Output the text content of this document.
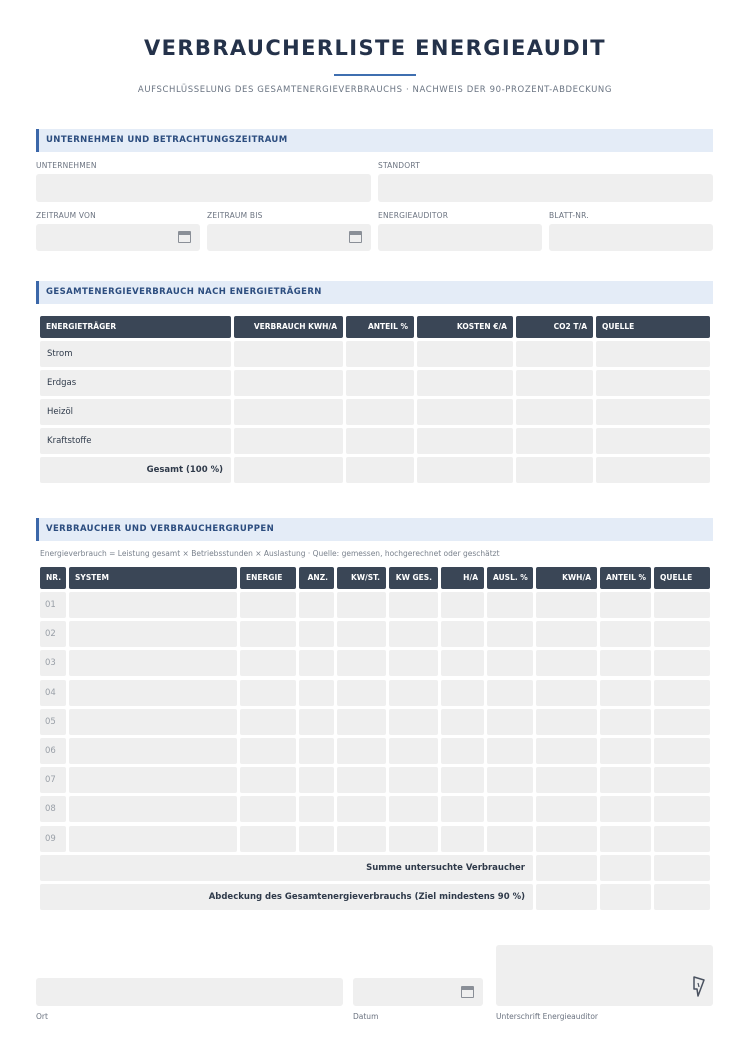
VERBRAUCHERLISTE ENERGIEAUDIT
AUFSCHLÜSSELUNG DES GESAMTENERGIEVERBRAUCHS · NACHWEIS DER 90-PROZENT-ABDECKUNG
UNTERNEHMEN UND BETRACHTUNGSZEITRAUM
UNTERNEHMEN	STANDORT
ZEITRAUM VON	ZEITRAUM BIS	ENERGIEAUDITOR	BLATT-NR.
GESAMTENERGIEVERBRAUCH NACH ENERGIETRÄGERN
ENERGIETRÄGER	VERBRAUCH KWH/A	ANTEIL %	KOSTEN €/A	CO2 T/A	QUELLE
Strom
Erdgas
Heizöl
Kraftstoffe
Gesamt (100 %)
VERBRAUCHER UND VERBRAUCHERGRUPPEN
Energieverbrauch = Leistung gesamt × Betriebsstunden × Auslastung · Quelle: gemessen, hochgerechnet oder geschätzt
NR.	SYSTEM	ENERGIE	ANZ.	KW/ST.	KW GES.	H/A	AUSL. %	KWH/A	ANTEIL %	QUELLE
01
02
03
04
05
06
07
08
09
Summe untersuchte Verbraucher
Abdeckung des Gesamtenergieverbrauchs (Ziel mindestens 90 %)
Ort	Datum	Unterschrift Energieauditor
